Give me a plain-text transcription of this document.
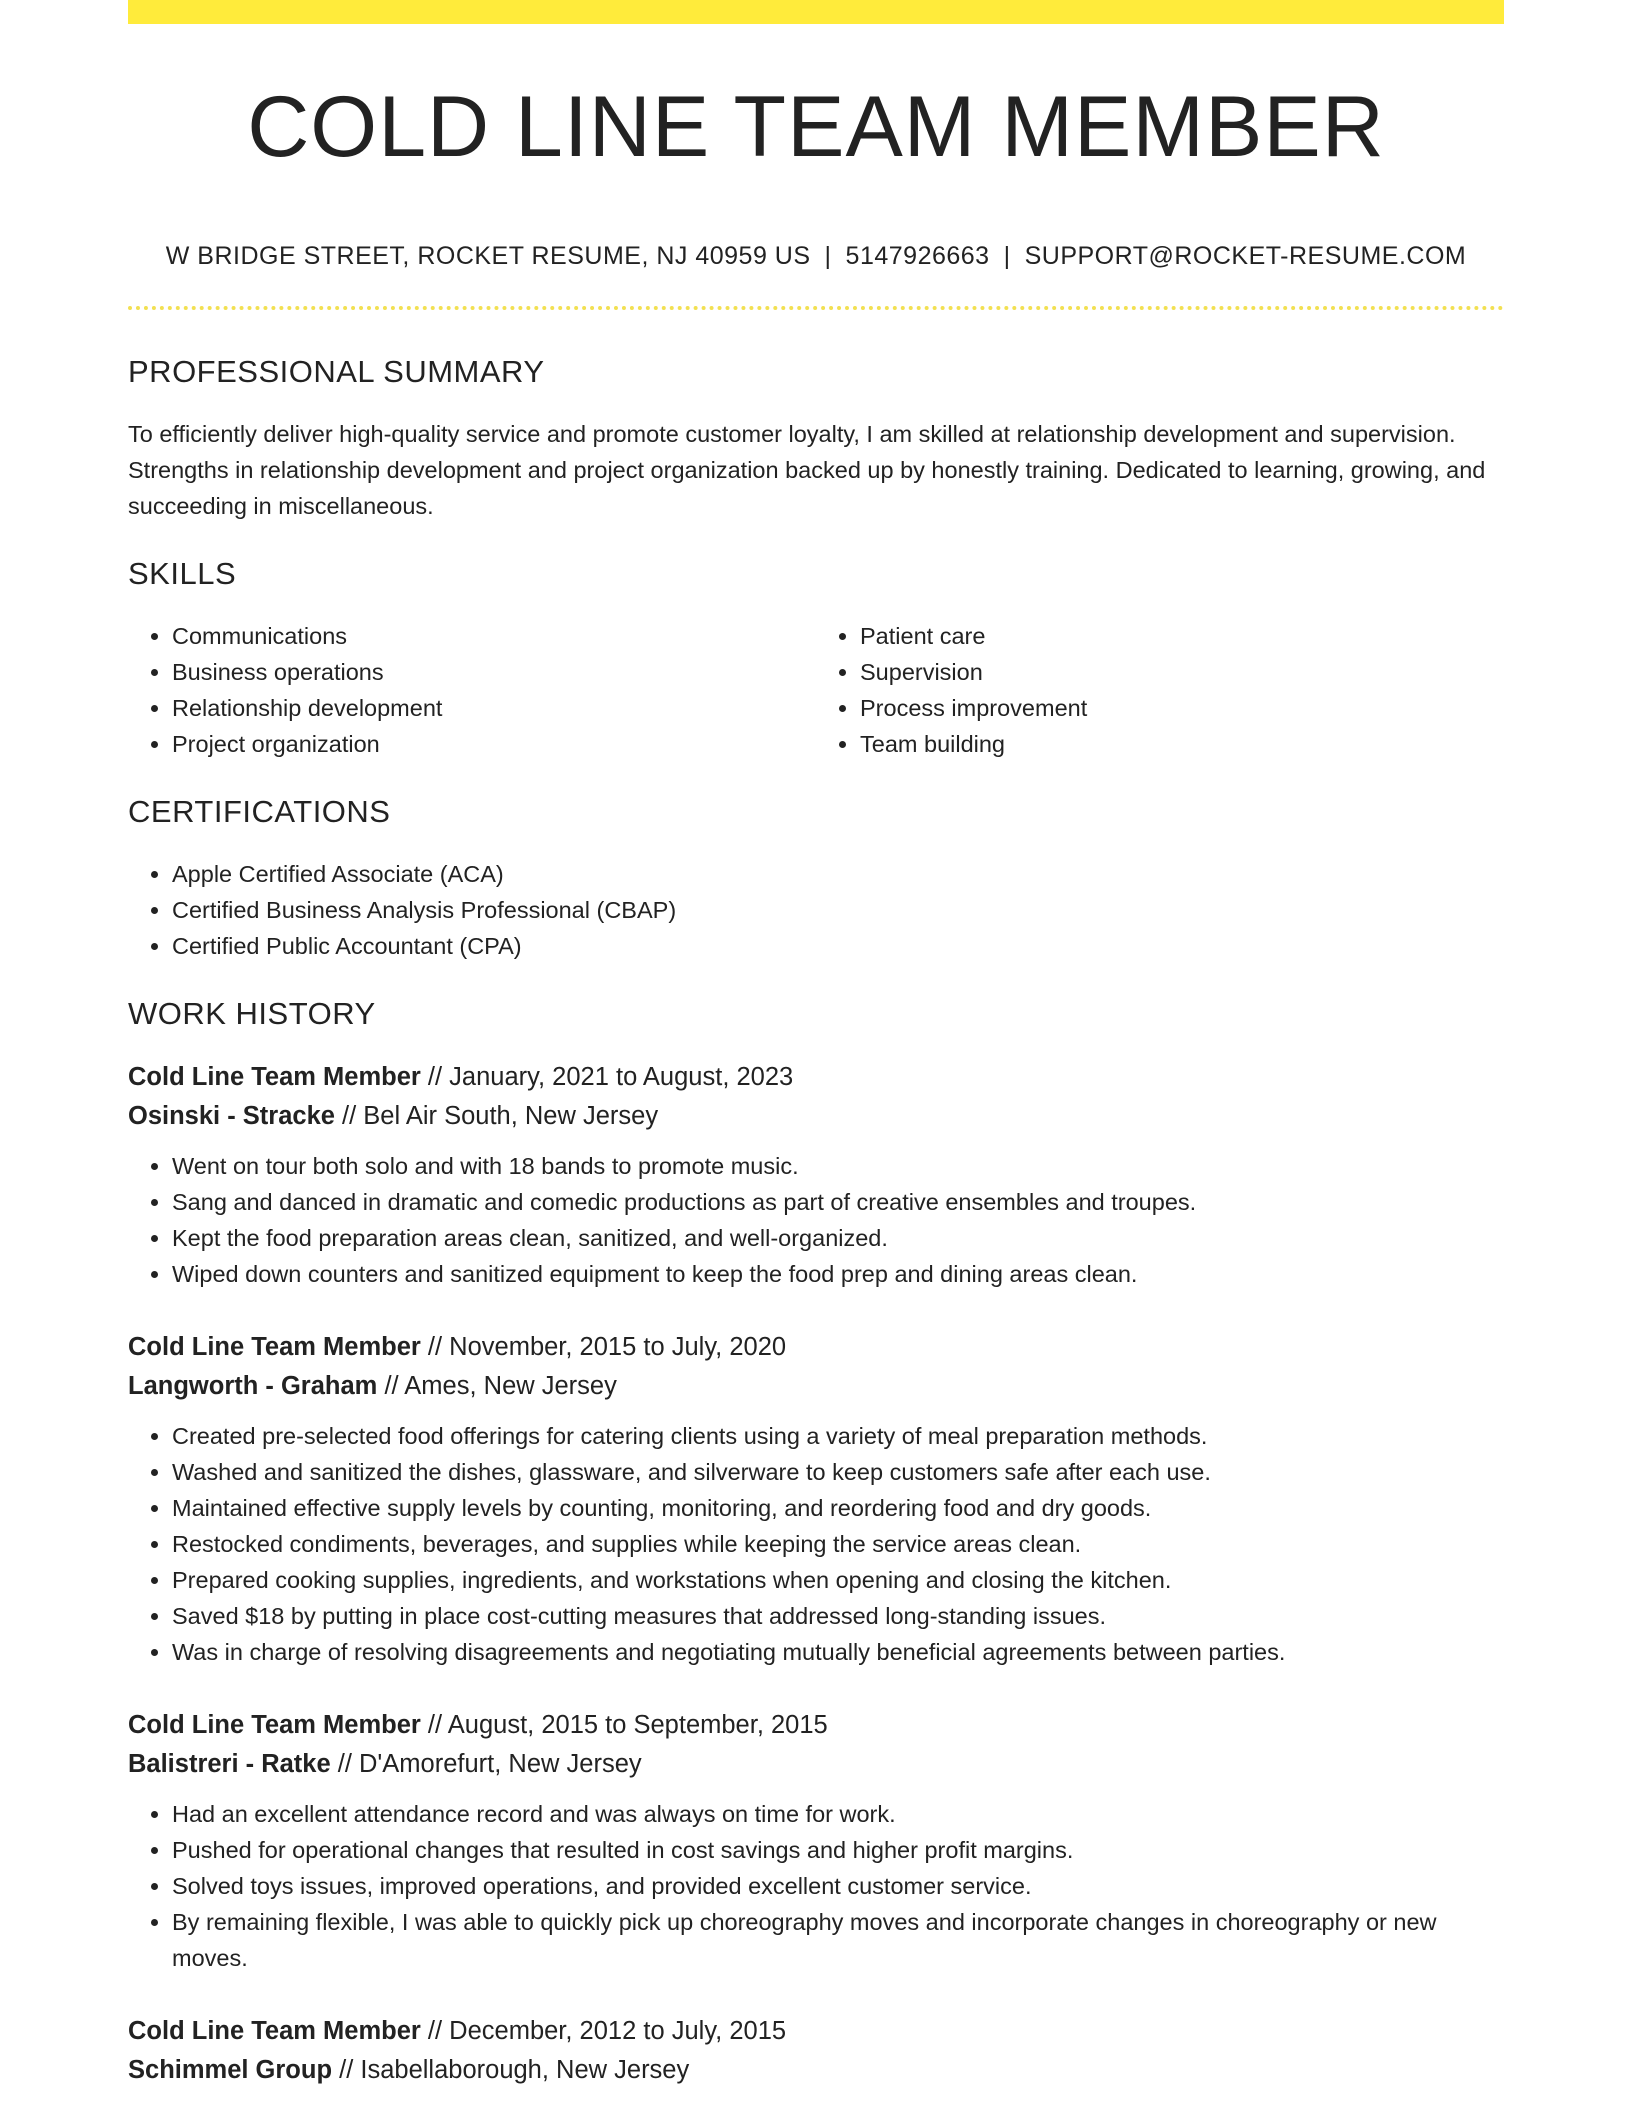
COLD LINE TEAM MEMBER
W BRIDGE STREET, ROCKET RESUME, NJ 40959 US | 5147926663 | SUPPORT@ROCKET-RESUME.COM
PROFESSIONAL SUMMARY

To efficiently deliver high-quality service and promote customer loyalty, I am skilled at relationship development and supervision. Strengths in relationship development and project organization backed up by honestly training. Dedicated to learning, growing, and succeeding in miscellaneous.

SKILLS
• Communications
• Business operations
• Relationship development
• Project organization
• Patient care
• Supervision
• Process improvement
• Team building
CERTIFICATIONS
• Apple Certified Associate (ACA)
• Certified Business Analysis Professional (CBAP)
• Certified Public Accountant (CPA)
WORK HISTORY
Cold Line Team Member // January, 2021 to August, 2023
Osinski - Stracke // Bel Air South, New Jersey
• Went on tour both solo and with 18 bands to promote music.
• Sang and danced in dramatic and comedic productions as part of creative ensembles and troupes.
• Kept the food preparation areas clean, sanitized, and well-organized.
• Wiped down counters and sanitized equipment to keep the food prep and dining areas clean.
Cold Line Team Member // November, 2015 to July, 2020
Langworth - Graham // Ames, New Jersey
• Created pre-selected food offerings for catering clients using a variety of meal preparation methods.
• Washed and sanitized the dishes, glassware, and silverware to keep customers safe after each use.
• Maintained effective supply levels by counting, monitoring, and reordering food and dry goods.
• Restocked condiments, beverages, and supplies while keeping the service areas clean.
• Prepared cooking supplies, ingredients, and workstations when opening and closing the kitchen.
• Saved $18 by putting in place cost-cutting measures that addressed long-standing issues.
• Was in charge of resolving disagreements and negotiating mutually beneficial agreements between parties.
Cold Line Team Member // August, 2015 to September, 2015
Balistreri - Ratke // D'Amorefurt, New Jersey
• Had an excellent attendance record and was always on time for work.
• Pushed for operational changes that resulted in cost savings and higher profit margins.
• Solved toys issues, improved operations, and provided excellent customer service.
• By remaining flexible, I was able to quickly pick up choreography moves and incorporate changes in choreography or new moves.
Cold Line Team Member // December, 2012 to July, 2015
Schimmel Group // Isabellaborough, New Jersey
